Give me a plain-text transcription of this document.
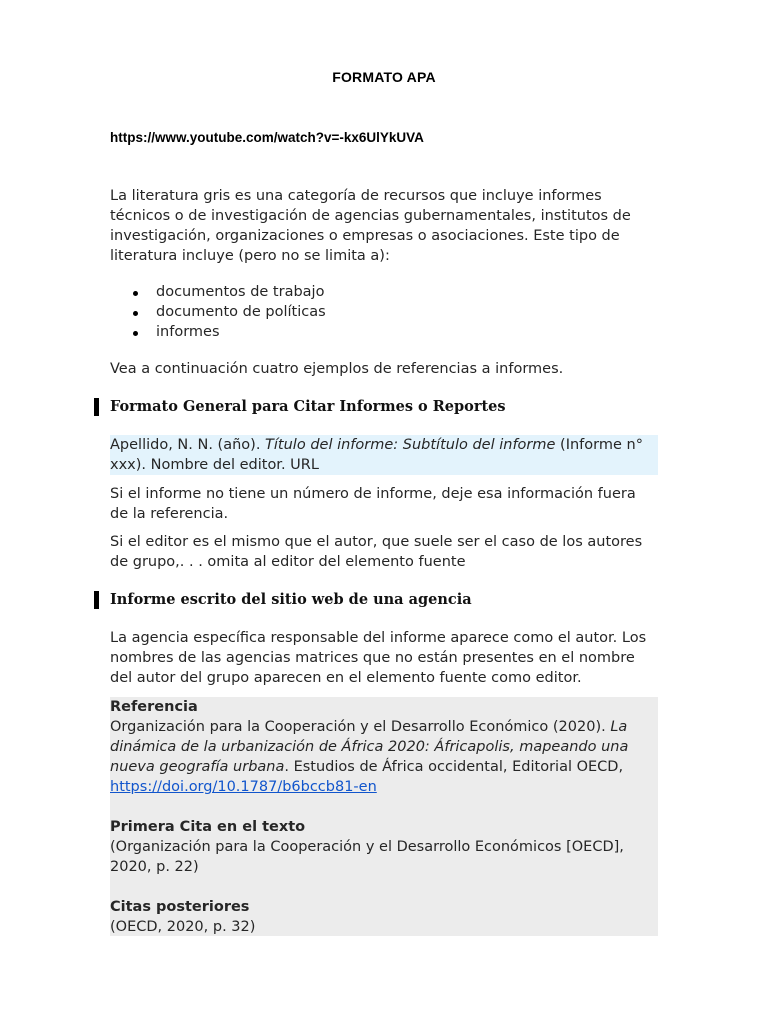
FORMATO APA
https://www.youtube.com/watch?v=-kx6UlYkUVA

La literatura gris es una categoría de recursos que incluye informes técnicos o de investigación de agencias gubernamentales, institutos de investigación, organizaciones o empresas o asociaciones. Este tipo de literatura incluye (pero no se limita a):

documentos de trabajo
documento de políticas
informes

Vea a continuación cuatro ejemplos de referencias a informes.

Formato General para Citar Informes o Reportes
Apellido, N. N. (año). Título del informe: Subtítulo del informe (Informe n° xxx). Nombre del editor. URL

Si el informe no tiene un número de informe, deje esa información fuera de la referencia.

Si el editor es el mismo que el autor, que suele ser el caso de los autores de grupo,. . . omita al editor del elemento fuente

Informe escrito del sitio web de una agencia

La agencia específica responsable del informe aparece como el autor. Los nombres de las agencias matrices que no están presentes en el nombre del autor del grupo aparecen en el elemento fuente como editor.

Referencia
Organización para la Cooperación y el Desarrollo Económico (2020). La dinámica de la urbanización de África 2020: Áfricapolis, mapeando una nueva geografía urbana. Estudios de África occidental, Editorial OECD, https://doi.org/10.1787/b6bccb81-en
Primera Cita en el texto
(Organización para la Cooperación y el Desarrollo Económicos [OECD], 2020, p. 22)
Citas posteriores
(OECD, 2020, p. 32)
